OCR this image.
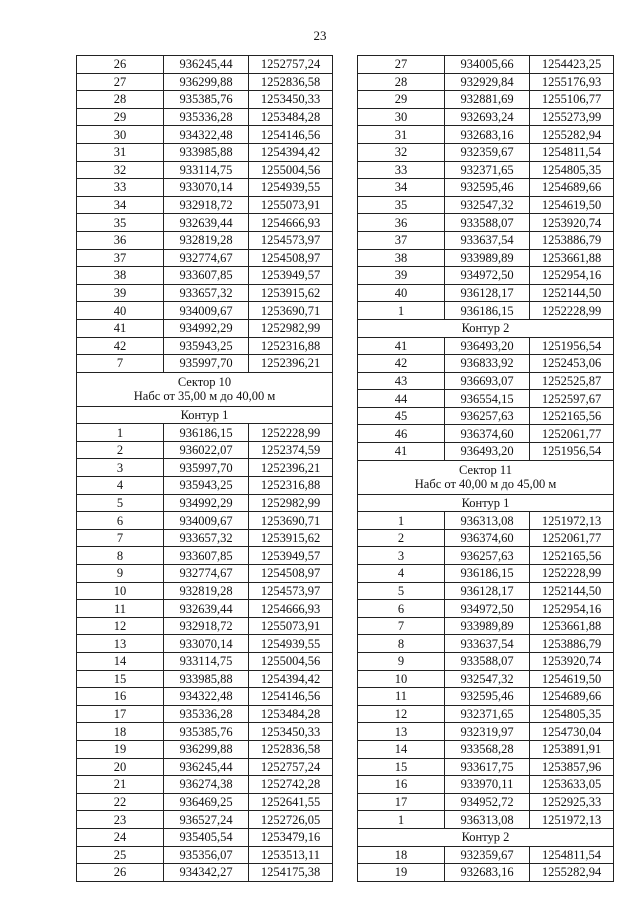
23
26	936245,44	1252757,24
27	936299,88	1252836,58
28	935385,76	1253450,33
29	935336,28	1253484,28
30	934322,48	1254146,56
31	933985,88	1254394,42
32	933114,75	1255004,56
33	933070,14	1254939,55
34	932918,72	1255073,91
35	932639,44	1254666,93
36	932819,28	1254573,97
37	932774,67	1254508,97
38	933607,85	1253949,57
39	933657,32	1253915,62
40	934009,67	1253690,71
41	934992,29	1252982,99
42	935943,25	1252316,88
7	935997,70	1252396,21

Сектор 10
Набс от 35,00 м до 40,00 м		

Контур 1		
1	936186,15	1252228,99
2	936022,07	1252374,59
3	935997,70	1252396,21
4	935943,25	1252316,88
5	934992,29	1252982,99
6	934009,67	1253690,71
7	933657,32	1253915,62
8	933607,85	1253949,57
9	932774,67	1254508,97
10	932819,28	1254573,97
11	932639,44	1254666,93
12	932918,72	1255073,91
13	933070,14	1254939,55
14	933114,75	1255004,56
15	933985,88	1254394,42
16	934322,48	1254146,56
17	935336,28	1253484,28
18	935385,76	1253450,33
19	936299,88	1252836,58
20	936245,44	1252757,24
21	936274,38	1252742,28
22	936469,25	1252641,55
23	936527,24	1252726,05
24	935405,54	1253479,16
25	935356,07	1253513,11
26	934342,27	1254175,38
27	934005,66	1254423,25
28	932929,84	1255176,93
29	932881,69	1255106,77
30	932693,24	1255273,99
31	932683,16	1255282,94
32	932359,67	1254811,54
33	932371,65	1254805,35
34	932595,46	1254689,66
35	932547,32	1254619,50
36	933588,07	1253920,74
37	933637,54	1253886,79
38	933989,89	1253661,88
39	934972,50	1252954,16
40	936128,17	1252144,50
1	936186,15	1252228,99
Контур 2		
41	936493,20	1251956,54
42	936833,92	1252453,06
43	936693,07	1252525,87
44	936554,15	1252597,67
45	936257,63	1252165,56
46	936374,60	1252061,77
41	936493,20	1251956,54

Сектор 11
Набс от 40,00 м до 45,00 м		

Контур 1		
1	936313,08	1251972,13
2	936374,60	1252061,77
3	936257,63	1252165,56
4	936186,15	1252228,99
5	936128,17	1252144,50
6	934972,50	1252954,16
7	933989,89	1253661,88
8	933637,54	1253886,79
9	933588,07	1253920,74
10	932547,32	1254619,50
11	932595,46	1254689,66
12	932371,65	1254805,35
13	932319,97	1254730,04
14	933568,28	1253891,91
15	933617,75	1253857,96
16	933970,11	1253633,05
17	934952,72	1252925,33
1	936313,08	1251972,13
Контур 2		
18	932359,67	1254811,54
19	932683,16	1255282,94
